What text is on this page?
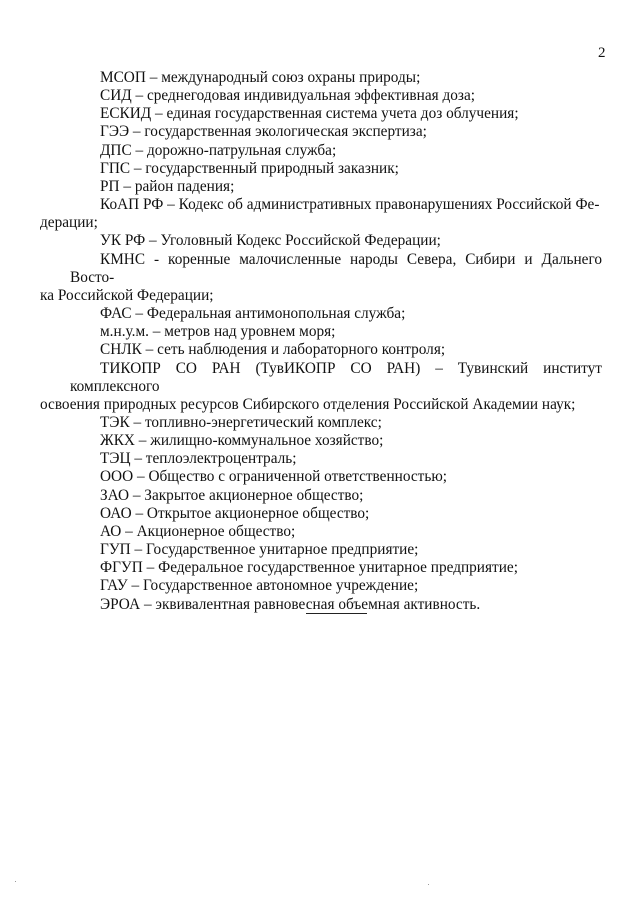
2

МСОП – международный союз охраны природы;

СИД – среднегодовая индивидуальная эффективная доза;

ЕСКИД – единая государственная система учета доз облучения;

ГЭЭ – государственная экологическая экспертиза;

ДПС – дорожно-патрульная служба;

ГПС – государственный природный заказник;

РП – район падения;

КоАП РФ – Кодекс об административных правонарушениях Российской Фе-
дерации;

УК РФ – Уголовный Кодекс Российской Федерации;

КМНС - коренные малочисленные народы Севера, Сибири и Дальнего Восто-
ка Российской Федерации;

ФАС – Федеральная антимонопольная служба;

м.н.у.м. – метров над уровнем моря;

СНЛК – сеть наблюдения и лабораторного контроля;

ТИКОПР СО РАН (ТувИКОПР СО РАН) – Тувинский институт комплексного
освоения природных ресурсов Сибирского отделения Российской Академии наук;

ТЭК – топливно-энергетический комплекс;

ЖКХ – жилищно-коммунальное хозяйство;

ТЭЦ – теплоэлектроцентраль;

ООО – Общество с ограниченной ответственностью;

ЗАО – Закрытое акционерное общество;

ОАО – Открытое акционерное общество;

АО – Акционерное общество;

ГУП – Государственное унитарное предприятие;

ФГУП – Федеральное государственное унитарное предприятие;

ГАУ – Государственное автономное учреждение;

ЭРОА – эквивалентная равновесная объемная активность.
